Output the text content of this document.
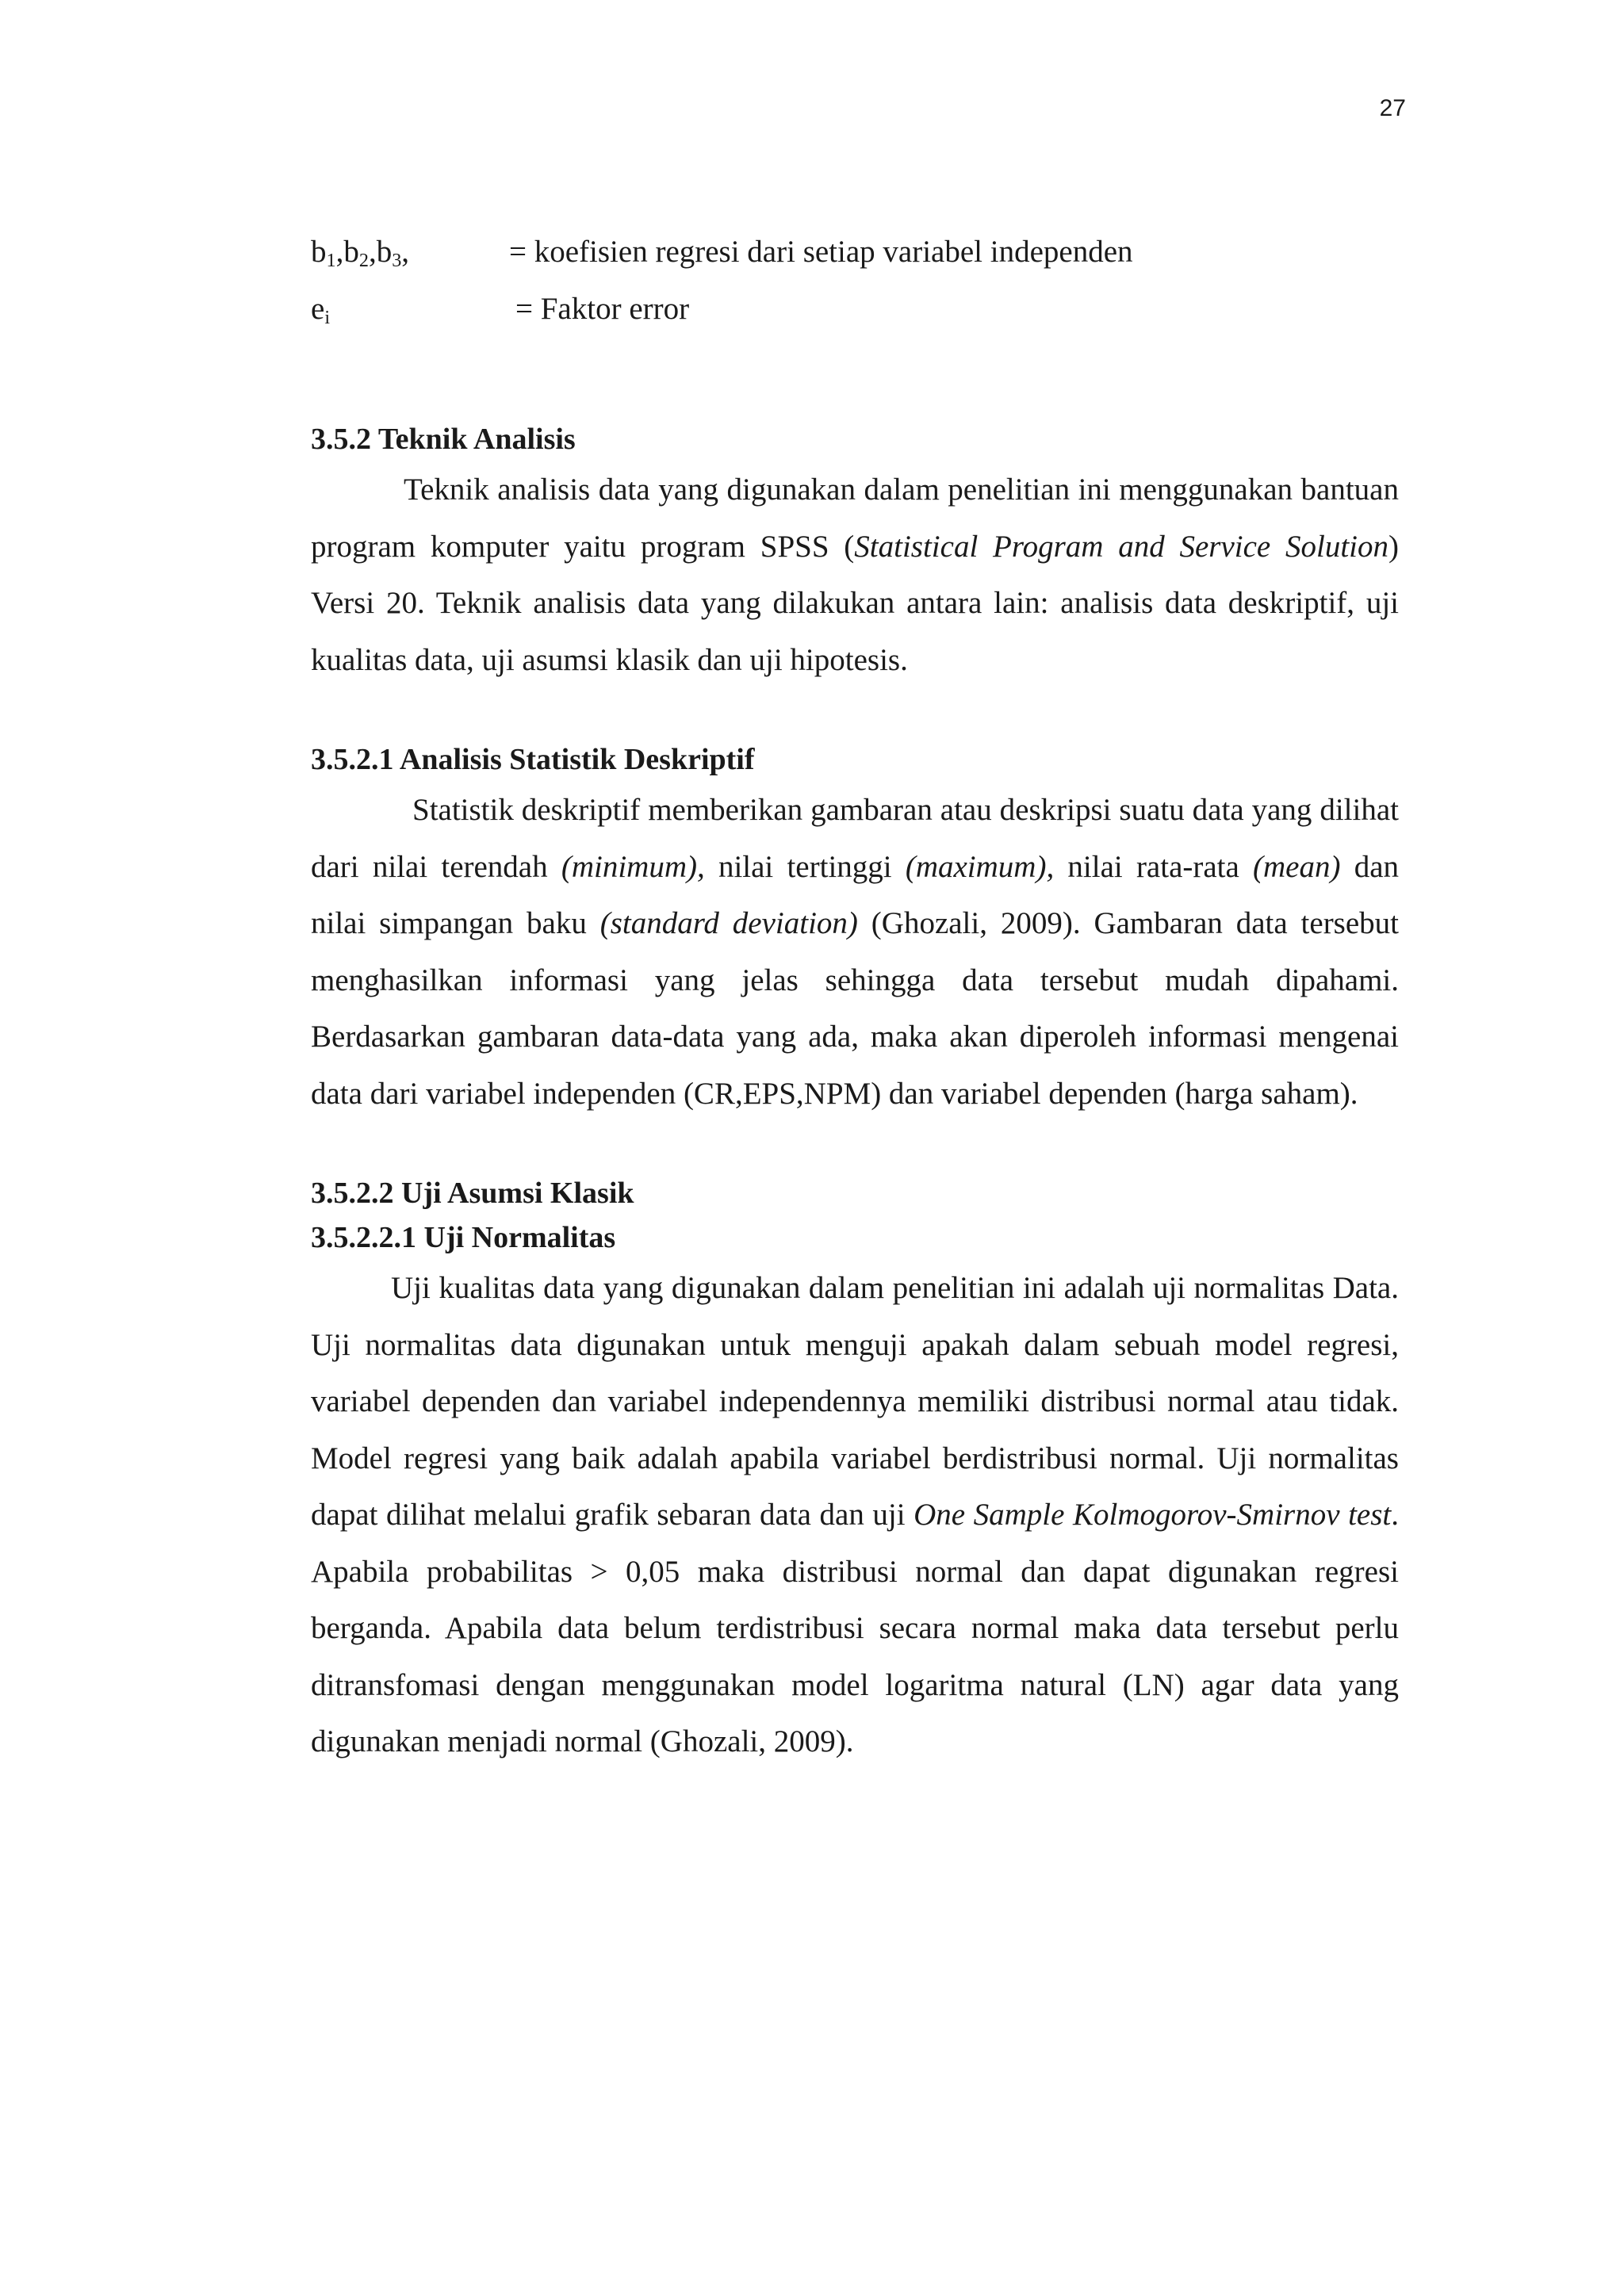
27
$b_1,b_2,b_3$,	= koefisien regresi dari setiap variabel independen
$e_i$	= Faktor error
3.5.2 Teknik Analisis

Teknik analisis data yang digunakan dalam penelitian ini menggunakan bantuan program komputer yaitu program SPSS (Statistical Program and Service Solution) Versi 20. Teknik analisis data yang dilakukan antara lain: analisis data deskriptif, uji kualitas data, uji asumsi klasik dan uji hipotesis.

3.5.2.1 Analisis Statistik Deskriptif

Statistik deskriptif memberikan gambaran atau deskripsi suatu data yang dilihat dari nilai terendah (minimum), nilai tertinggi (maximum), nilai rata-rata (mean) dan nilai simpangan baku (standard deviation) (Ghozali, 2009). Gambaran data tersebut menghasilkan informasi yang jelas sehingga data tersebut mudah dipahami. Berdasarkan gambaran data-data yang ada, maka akan diperoleh informasi mengenai data dari variabel independen (CR,EPS,NPM) dan variabel dependen (harga saham).

3.5.2.2 Uji Asumsi Klasik
3.5.2.2.1 Uji Normalitas

Uji kualitas data yang digunakan dalam penelitian ini adalah uji normalitas Data. Uji normalitas data digunakan untuk menguji apakah dalam sebuah model regresi, variabel dependen dan variabel independennya memiliki distribusi normal atau tidak. Model regresi yang baik adalah apabila variabel berdistribusi normal. Uji normalitas dapat dilihat melalui grafik sebaran data dan uji One Sample Kolmogorov-Smirnov test. Apabila probabilitas > 0,05 maka distribusi normal dan dapat digunakan regresi berganda. Apabila data belum terdistribusi secara normal maka data tersebut perlu ditransfomasi dengan menggunakan model logaritma natural (LN) agar data yang digunakan menjadi normal (Ghozali, 2009).
